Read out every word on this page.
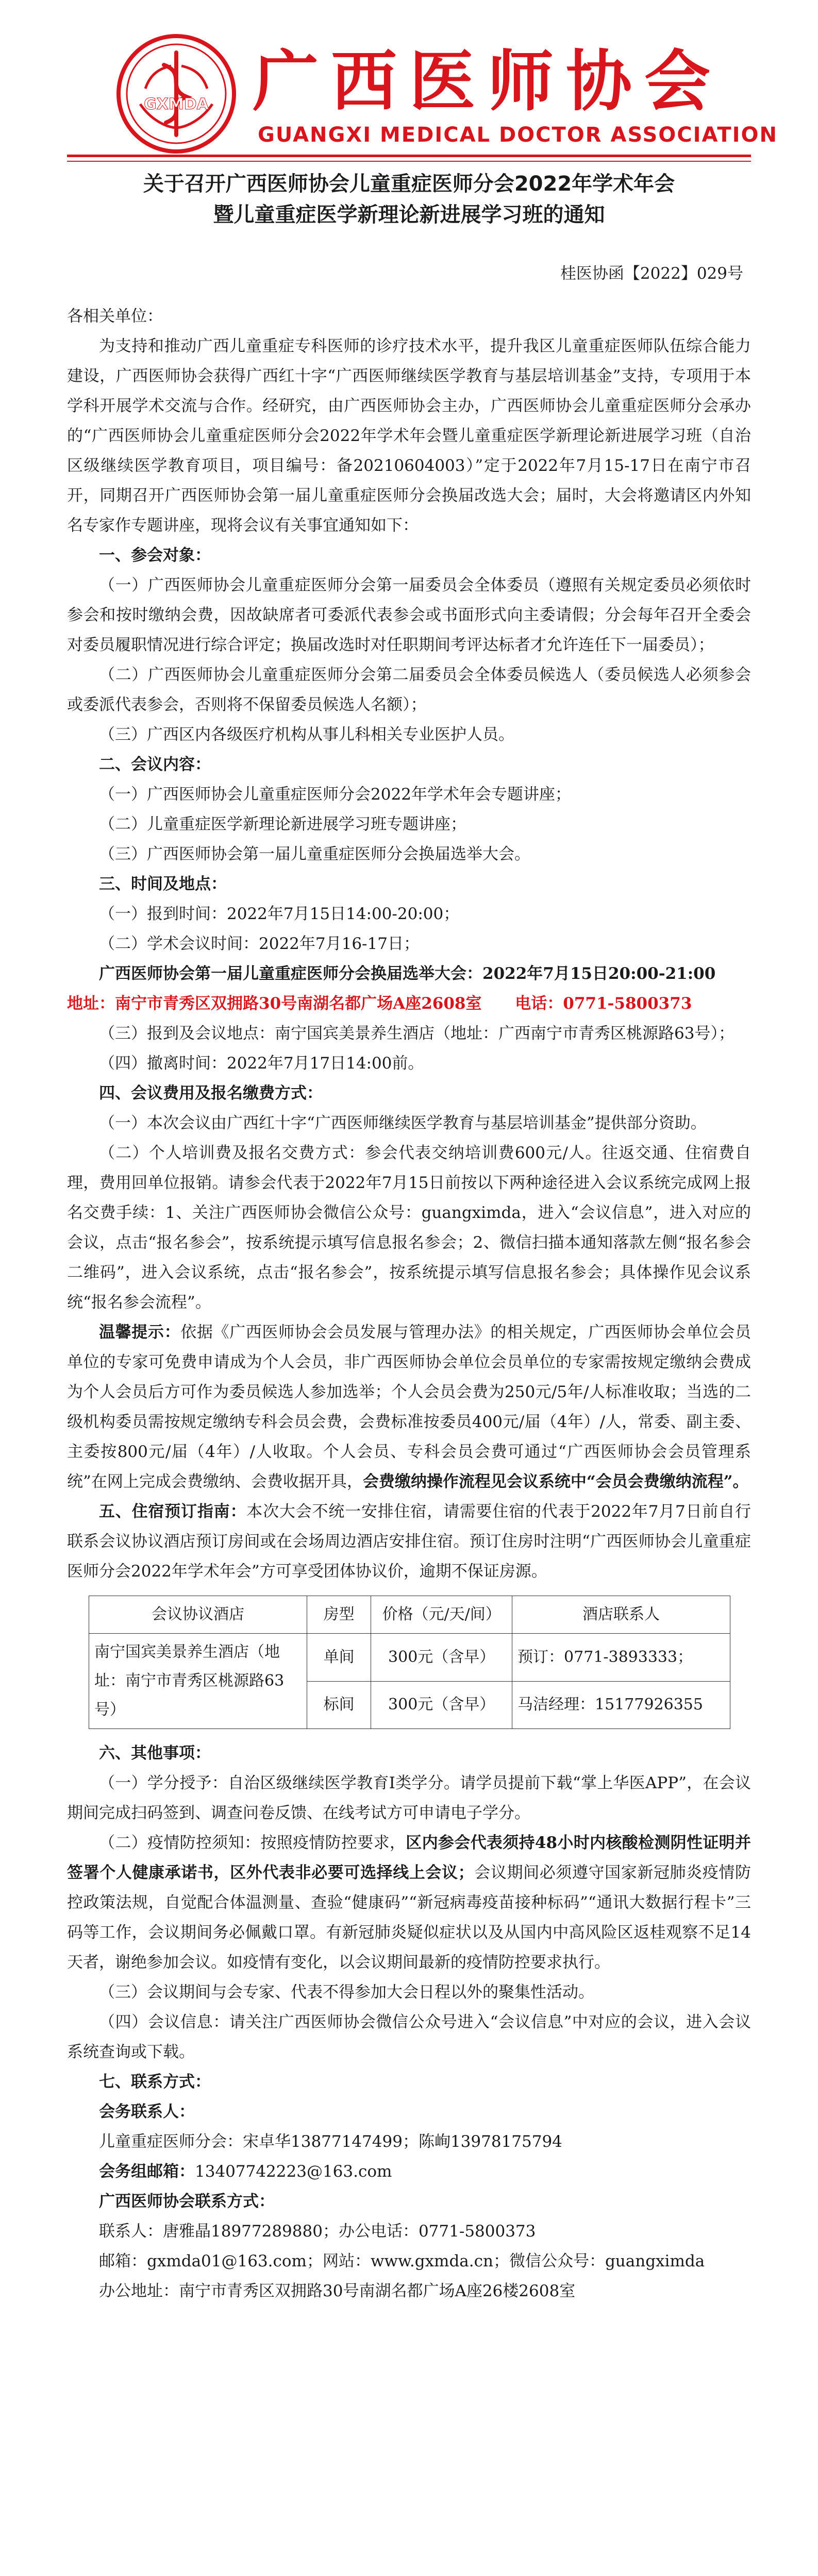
GXMDA 广西医师协会
GUANGXI MEDICAL DOCTOR ASSOCIATION
关于召开广西医师协会儿童重症医师分会2022年学术年会
暨儿童重症医学新理论新进展学习班的通知
桂医协函【2022】029号

各相关单位：

为支持和推动广西儿童重症专科医师的诊疗技术水平，提升我区儿童重症医师队伍综合能力建设，广西医师协会获得广西红十字“广西医师继续医学教育与基层培训基金”支持，专项用于本学科开展学术交流与合作。经研究，由广西医师协会主办，广西医师协会儿童重症医师分会承办的“广西医师协会儿童重症医师分会2022年学术年会暨儿童重症医学新理论新进展学习班（自治区级继续医学教育项目，项目编号：备20210604003）”定于2022年7月15-17日在南宁市召开，同期召开广西医师协会第一届儿童重症医师分会换届改选大会；届时，大会将邀请区内外知名专家作专题讲座，现将会议有关事宜通知如下：

一、参会对象：

（一）广西医师协会儿童重症医师分会第一届委员会全体委员（遵照有关规定委员必须依时参会和按时缴纳会费，因故缺席者可委派代表参会或书面形式向主委请假；分会每年召开全委会对委员履职情况进行综合评定；换届改选时对任职期间考评达标者才允许连任下一届委员）；

（二）广西医师协会儿童重症医师分会第二届委员会全体委员候选人（委员候选人必须参会或委派代表参会，否则将不保留委员候选人名额）；

（三）广西区内各级医疗机构从事儿科相关专业医护人员。

二、会议内容：

（一）广西医师协会儿童重症医师分会2022年学术年会专题讲座；

（二）儿童重症医学新理论新进展学习班专题讲座；

（三）广西医师协会第一届儿童重症医师分会换届选举大会。

三、时间及地点：

（一）报到时间：2022年7月15日14:00-20:00；

（二）学术会议时间：2022年7月16-17日；

广西医师协会第一届儿童重症医师分会换届选举大会：2022年7月15日20:00-21:00

地址：南宁市青秀区双拥路30号南湖名都广场A座2608室 电话：0771-5800373

（三）报到及会议地点：南宁国宾美景养生酒店（地址：广西南宁市青秀区桃源路63号）；

（四）撤离时间：2022年7月17日14:00前。

四、会议费用及报名缴费方式：

（一）本次会议由广西红十字“广西医师继续医学教育与基层培训基金”提供部分资助。

（二）个人培训费及报名交费方式：参会代表交纳培训费600元/人。往返交通、住宿费自理，费用回单位报销。请参会代表于2022年7月15日前按以下两种途径进入会议系统完成网上报名交费手续：1、关注广西医师协会微信公众号：guangximda，进入“会议信息”，进入对应的会议，点击“报名参会”，按系统提示填写信息报名参会；2、微信扫描本通知落款左侧“报名参会二维码”，进入会议系统，点击“报名参会”，按系统提示填写信息报名参会；具体操作见会议系统“报名参会流程”。

温馨提示：依据《广西医师协会会员发展与管理办法》的相关规定，广西医师协会单位会员单位的专家可免费申请成为个人会员，非广西医师协会单位会员单位的专家需按规定缴纳会费成为个人会员后方可作为委员候选人参加选举；个人会员会费为250元/5年/人标准收取；当选的二级机构委员需按规定缴纳专科会员会费，会费标准按委员400元/届（4年）/人，常委、副主委、主委按800元/届（4年）/人收取。个人会员、专科会员会费可通过“广西医师协会会员管理系统”在网上完成会费缴纳、会费收据开具，会费缴纳操作流程见会议系统中“会员会费缴纳流程”。

五、住宿预订指南：本次大会不统一安排住宿，请需要住宿的代表于2022年7月7日前自行联系会议协议酒店预订房间或在会场周边酒店安排住宿。预订住房时注明“广西医师协会儿童重症医师分会2022年学术年会”方可享受团体协议价，逾期不保证房源。

会议协议酒店	房型	价格（元/天/间）	酒店联系人
南宁国宾美景养生酒店（地址：南宁市青秀区桃源路63号）	单间	300元（含早）	预订：0771-3893333；
	标间	300元（含早）	马洁经理：15177926355

六、其他事项：

（一）学分授予：自治区级继续医学教育I类学分。请学员提前下载“掌上华医APP”，在会议期间完成扫码签到、调查问卷反馈、在线考试方可申请电子学分。

（二）疫情防控须知：按照疫情防控要求，区内参会代表须持48小时内核酸检测阴性证明并签署个人健康承诺书，区外代表非必要可选择线上会议；会议期间必须遵守国家新冠肺炎疫情防控政策法规，自觉配合体温测量、查验“健康码”“新冠病毒疫苗接种标码”“通讯大数据行程卡”三码等工作，会议期间务必佩戴口罩。有新冠肺炎疑似症状以及从国内中高风险区返桂观察不足14天者，谢绝参加会议。如疫情有变化，以会议期间最新的疫情防控要求执行。

（三）会议期间与会专家、代表不得参加大会日程以外的聚集性活动。

（四）会议信息：请关注广西医师协会微信公众号进入“会议信息”中对应的会议，进入会议系统查询或下载。

七、联系方式：

会务联系人：

儿童重症医师分会：宋卓华13877147499；陈峋13978175794

会务组邮箱：13407742223@163.com

广西医师协会联系方式：

联系人：唐雅晶18977289880；办公电话：0771-5800373

邮箱：gxmda01@163.com；网站：www.gxmda.cn；微信公众号：guangximda

办公地址：南宁市青秀区双拥路30号南湖名都广场A座26楼2608室
